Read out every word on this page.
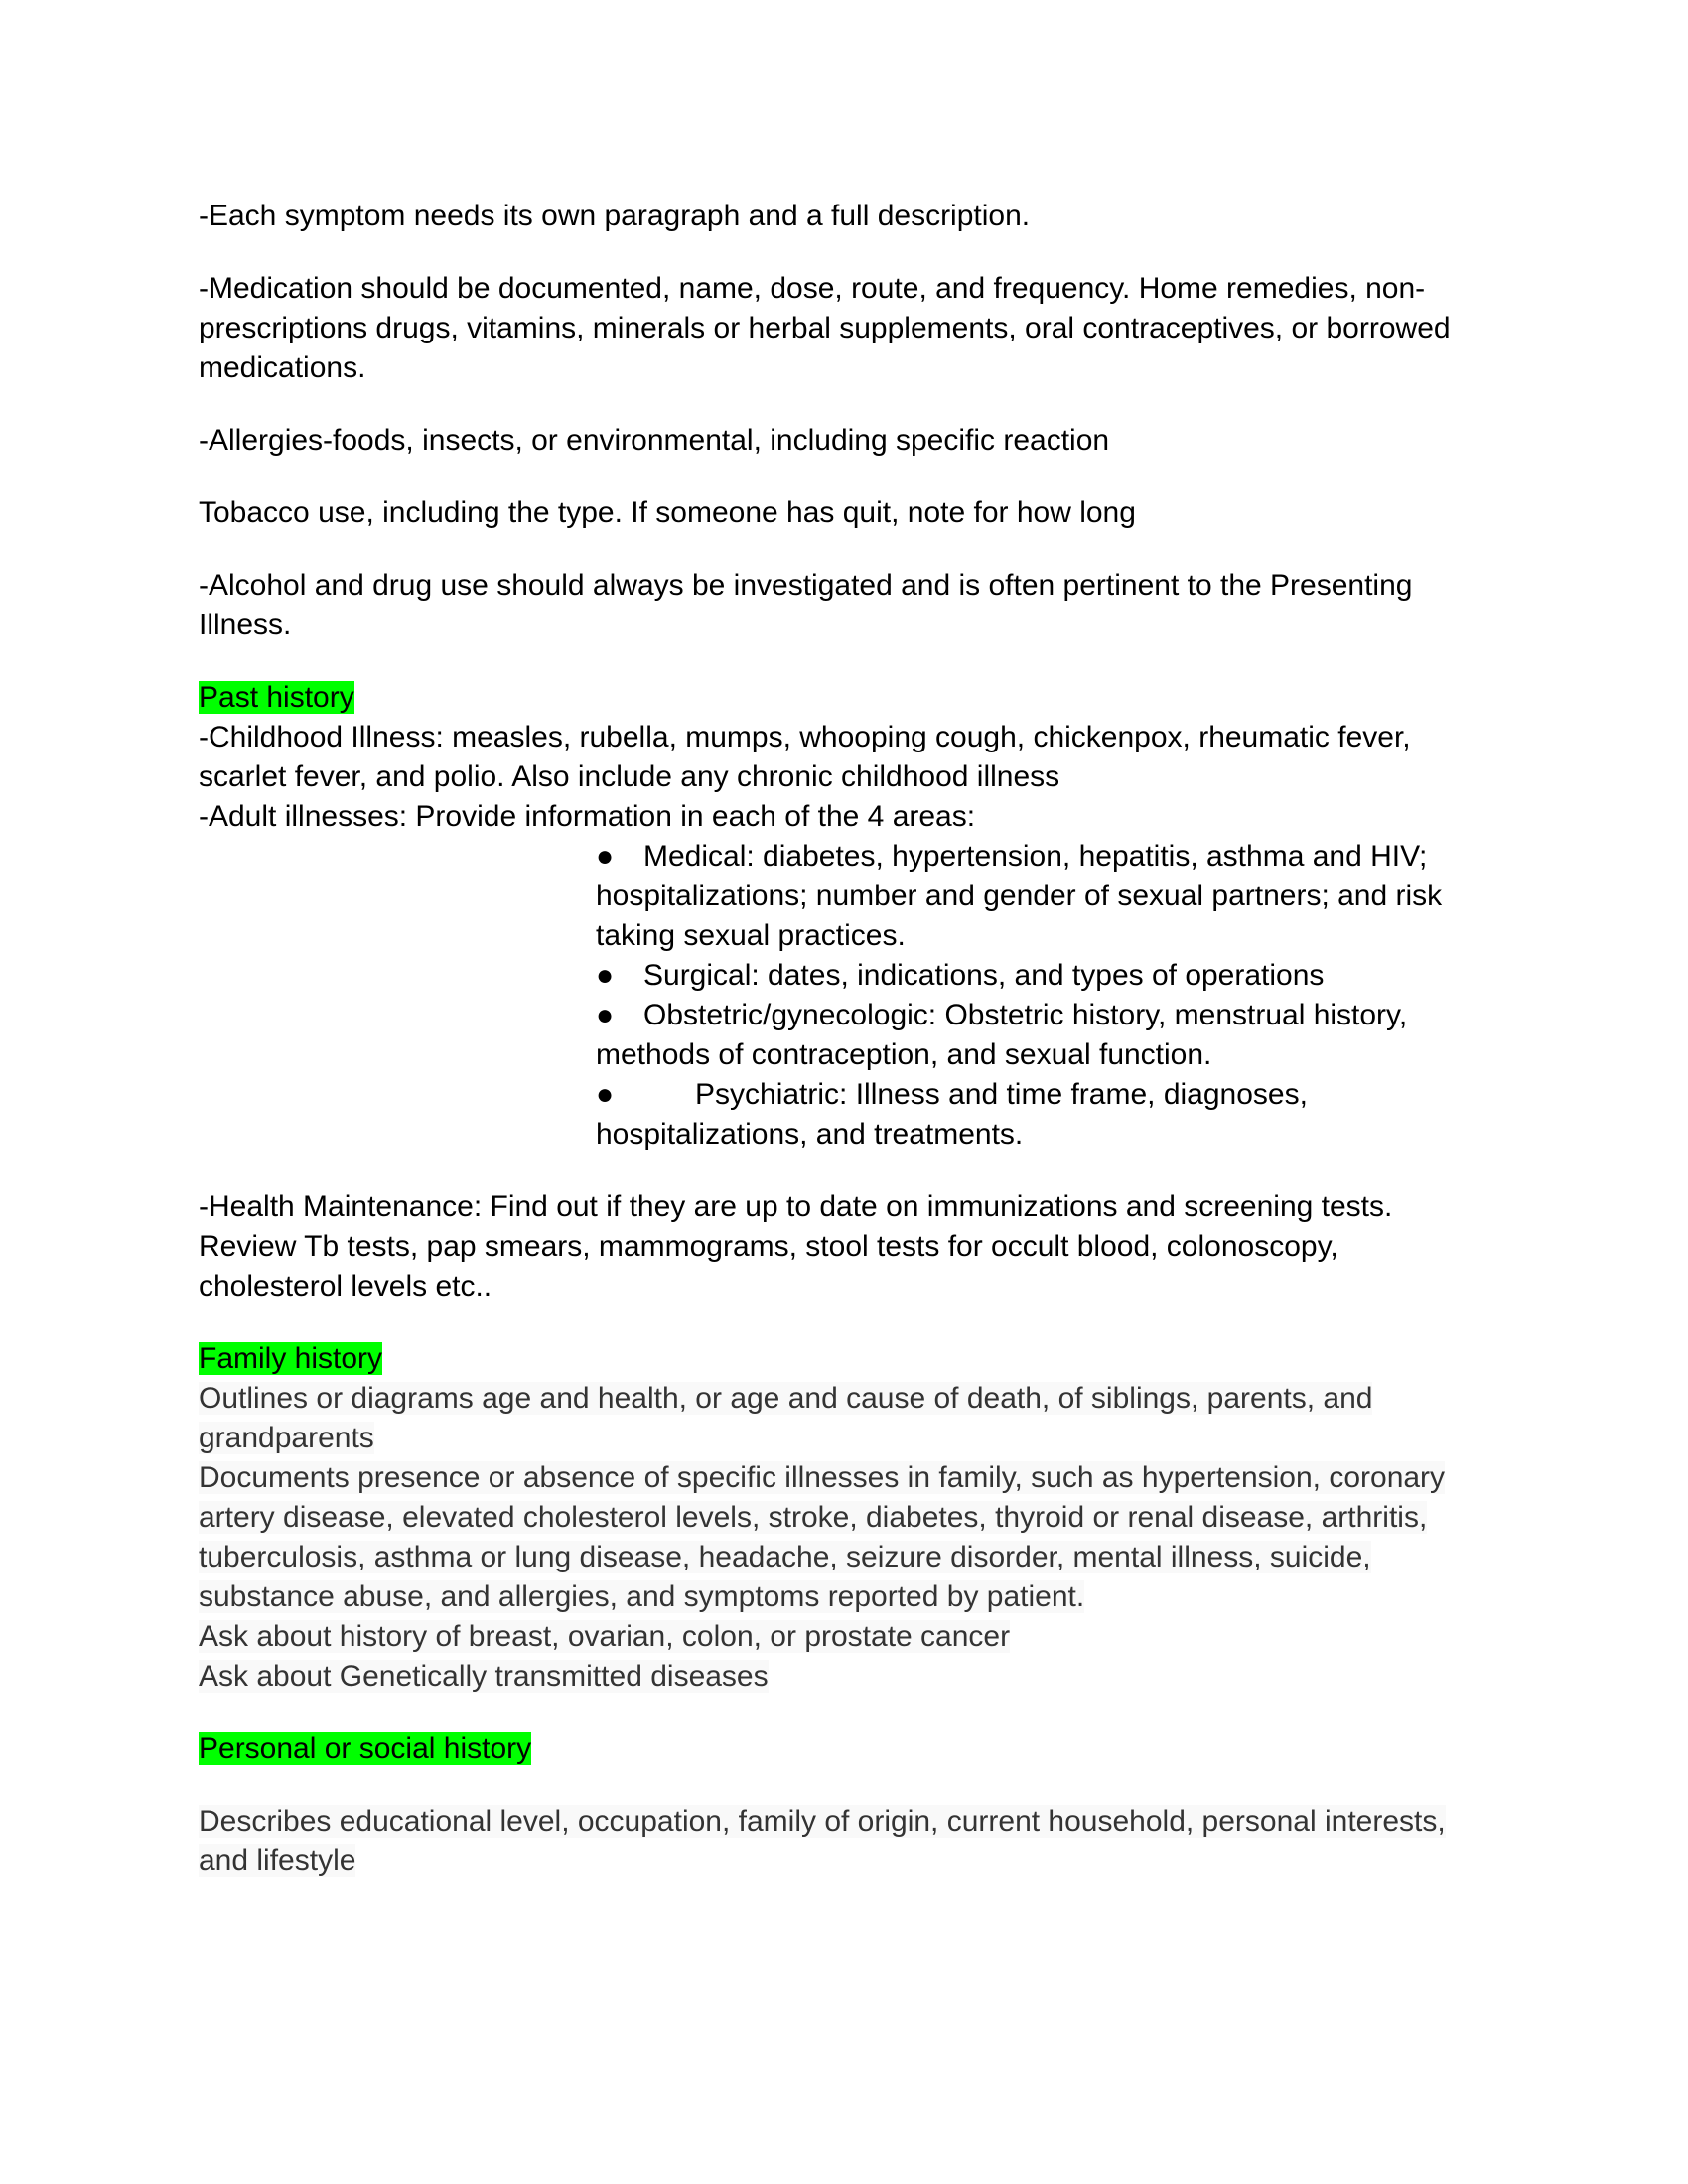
-Each symptom needs its own paragraph and a full description.

-Medication should be documented, name, dose, route, and frequency. Home remedies, non-prescriptions drugs, vitamins, minerals or herbal supplements, oral contraceptives, or borrowed medications.

-Allergies-foods, insects, or environmental, including specific reaction

Tobacco use, including the type. If someone has quit, note for how long

-Alcohol and drug use should always be investigated and is often pertinent to the Presenting Illness.

Past history
-Childhood Illness: measles, rubella, mumps, whooping cough, chickenpox, rheumatic fever, scarlet fever, and polio. Also include any chronic childhood illness
-Adult illnesses: Provide information in each of the 4 areas:
● Medical: diabetes, hypertension, hepatitis, asthma and HIV; hospitalizations; number and gender of sexual partners; and risk taking sexual practices.
● Surgical: dates, indications, and types of operations
● Obstetric/gynecologic: Obstetric history, menstrual history, methods of contraception, and sexual function.
●	Psychiatric: Illness and time frame, diagnoses, hospitalizations, and treatments.

-Health Maintenance: Find out if they are up to date on immunizations and screening tests. Review Tb tests, pap smears, mammograms, stool tests for occult blood, colonoscopy, cholesterol levels etc..

Family history
Outlines or diagrams age and health, or age and cause of death, of siblings, parents, and grandparents
Documents presence or absence of specific illnesses in family, such as hypertension, coronary artery disease, elevated cholesterol levels, stroke, diabetes, thyroid or renal disease, arthritis, tuberculosis, asthma or lung disease, headache, seizure disorder, mental illness, suicide, substance abuse, and allergies, and symptoms reported by patient.
Ask about history of breast, ovarian, colon, or prostate cancer
Ask about Genetically transmitted diseases
Personal or social history
Describes educational level, occupation, family of origin, current household, personal interests, and lifestyle
